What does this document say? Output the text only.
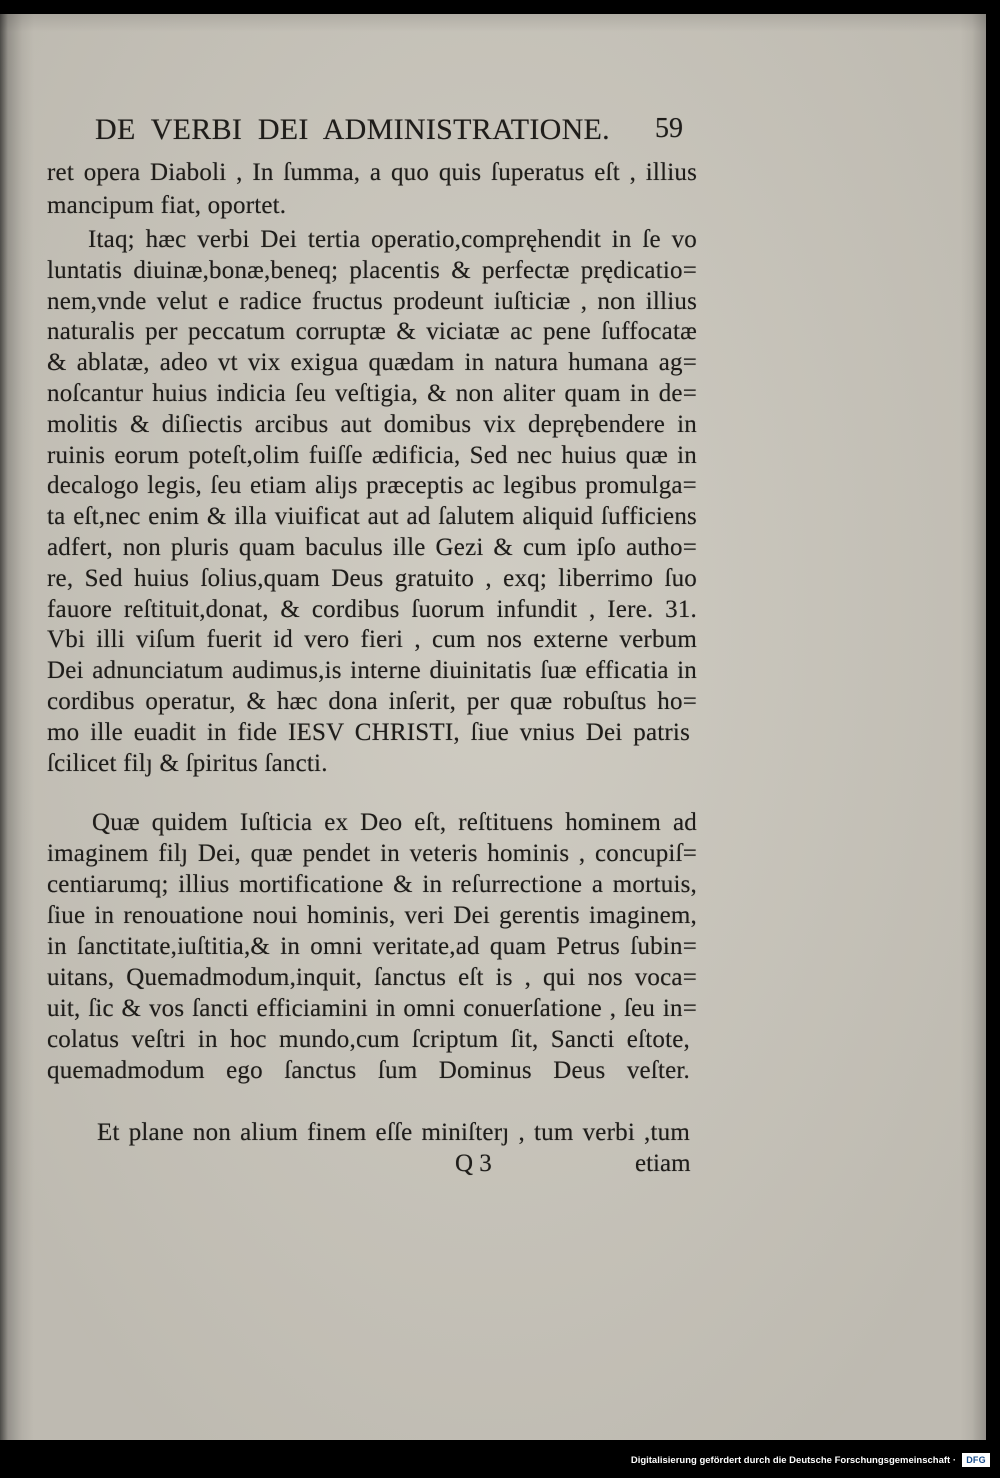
DE VERBI DEI ADMINISTRATIONE. 59
ret opera Diaboli , In ſumma, a quo quis ſuperatus eſt , illius
mancipum fiat, oportet.
Itaq; hæc verbi Dei tertia operatio,compręhendit in ſe vo
luntatis diuinæ,bonæ,beneq; placentis & perfectæ prędicatio=
nem,vnde velut e radice fructus prodeunt iuſticiæ , non illius
naturalis per peccatum corruptæ & viciatæ ac pene ſuffocatæ
& ablatæ, adeo vt vix exigua quædam in natura humana ag=
noſcantur huius indicia ſeu veſtigia, & non aliter quam in de=
molitis & diſiectis arcibus aut domibus vix deprębendere in
ruinis eorum poteſt,olim fuiſſe ædificia, Sed nec huius quæ in
decalogo legis, ſeu etiam aliȷs præceptis ac legibus promulga=
ta eſt,nec enim & illa viuificat aut ad ſalutem aliquid ſufficiens
adfert, non pluris quam baculus ille Gezi & cum ipſo autho=
re, Sed huius ſolius,quam Deus gratuito , exq; liberrimo ſuo
fauore reſtituit,donat, & cordibus ſuorum infundit , Iere. 31.
Vbi illi viſum fuerit id vero fieri , cum nos externe verbum
Dei adnunciatum audimus,is interne diuinitatis ſuæ efficatia in
cordibus operatur, & hæc dona inſerit, per quæ robuſtus ho=
mo ille euadit in fide IESV CHRISTI, ſiue vnius Dei patris
ſcilicet filȷ & ſpiritus ſancti.
Quæ quidem Iuſticia ex Deo eſt, reſtituens hominem ad
imaginem filȷ Dei, quæ pendet in veteris hominis , concupiſ=
centiarumq; illius mortificatione & in reſurrectione a mortuis,
ſiue in renouatione noui hominis, veri Dei gerentis imaginem,
in ſanctitate,iuſtitia,& in omni veritate,ad quam Petrus ſubin=
uitans, Quemadmodum,inquit, ſanctus eſt is , qui nos voca=
uit, ſic & vos ſancti efficiamini in omni conuerſatione , ſeu in=
colatus veſtri in hoc mundo,cum ſcriptum ſit, Sancti eſtote,
quemadmodum ego ſanctus ſum Dominus Deus veſter.
Et plane non alium finem eſſe miniſterȷ , tum verbi ,tum
Q 3	etiam
Digitalisierung gefördert durch die Deutsche Forschungsgemeinschaft ·	DFG
